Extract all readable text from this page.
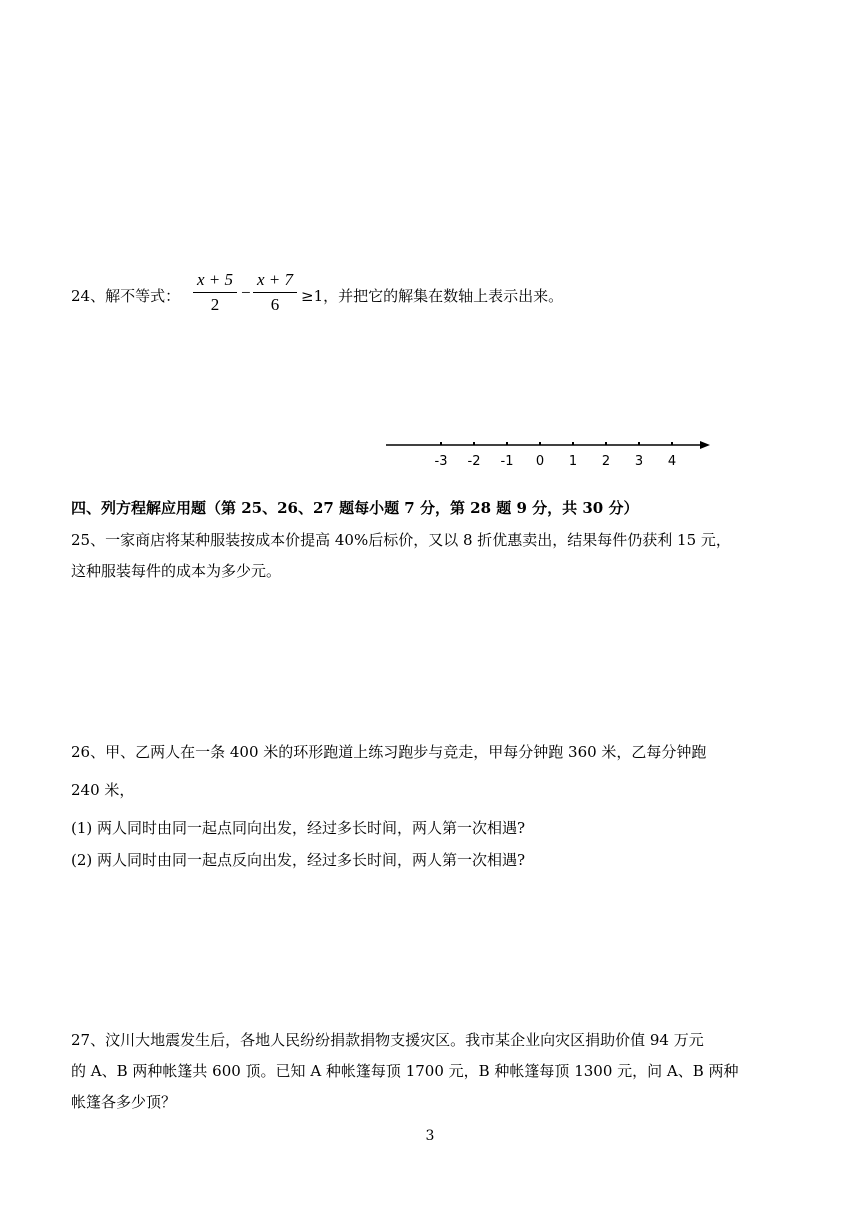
24、解不等式：
x + 5
2
−
x + 7
6	≥1，并把它的解集在数轴上表示出来。
-3 -2 -1 0 1 2 3 4
四、列方程解应用题（第 25、26、27 题每小题 7 分，第 28 题 9 分，共 30 分）
25、一家商店将某种服装按成本价提高 40%后标价，又以 8 折优惠卖出，结果每件仍获利 15 元，
这种服装每件的成本为多少元。
26、甲、乙两人在一条 400 米的环形跑道上练习跑步与竞走，甲每分钟跑 360 米，乙每分钟跑
240 米，
(1) 两人同时由同一起点同向出发，经过多长时间，两人第一次相遇?
(2) 两人同时由同一起点反向出发，经过多长时间，两人第一次相遇?
27、汶川大地震发生后，各地人民纷纷捐款捐物支援灾区。我市某企业向灾区捐助价值 94 万元
的 A、B 两种帐篷共 600 顶。已知 A 种帐篷每顶 1700 元，B 种帐篷每顶 1300 元，问 A、B 两种
帐篷各多少顶？
3
